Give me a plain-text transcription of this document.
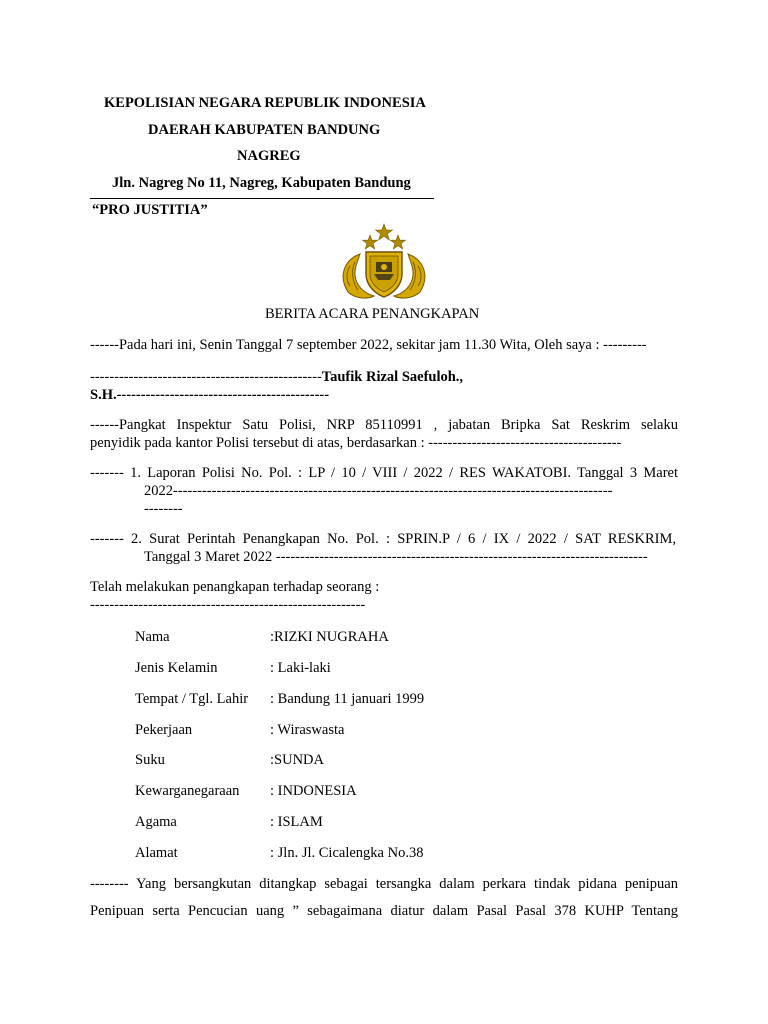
KEPOLISIAN NEGARA REPUBLIK INDONESIA
DAERAH KABUPATEN BANDUNG
NAGREG
Jln. Nagreg No 11, Nagreg, Kabupaten Bandung
“PRO JUSTITIA”
BERITA ACARA PENANGKAPAN
------Pada hari ini, Senin Tanggal 7 september 2022, sekitar jam 11.30 Wita, Oleh saya : ---------
------------------------------------------------Taufik Rizal Saefuloh.,
S.H.--------------------------------------------
------Pangkat Inspektur Satu Polisi, NRP 85110991 , jabatan Bripka Sat Reskrim selaku
penyidik pada kantor Polisi tersebut di atas, berdasarkan : ----------------------------------------
------- 1. Laporan Polisi No. Pol. : LP / 10 / VIII / 2022 / RES WAKATOBI. Tanggal 3 Maret
2022-------------------------------------------------------------------------------------------
--------
------- 2. Surat Perintah Penangkapan No. Pol. : SPRIN.P / 6 / IX / 2022 / SAT RESKRIM,
Tanggal 3 Maret 2022 -----------------------------------------------------------------------------
Telah melakukan penangkapan terhadap seorang :
---------------------------------------------------------
Nama	:RIZKI NUGRAHA
Jenis Kelamin	: Laki-laki
Tempat / Tgl. Lahir : Bandung 11 januari 1999
Pekerjaan	: Wiraswasta
Suku	:SUNDA
Kewarganegaraan : INDONESIA
Agama	: ISLAM
Alamat	: Jln. Jl. Cicalengka No.38
-------- Yang bersangkutan ditangkap sebagai tersangka dalam perkara tindak pidana penipuan
Penipuan serta Pencucian uang ” sebagaimana diatur dalam Pasal Pasal 378 KUHP Tentang
